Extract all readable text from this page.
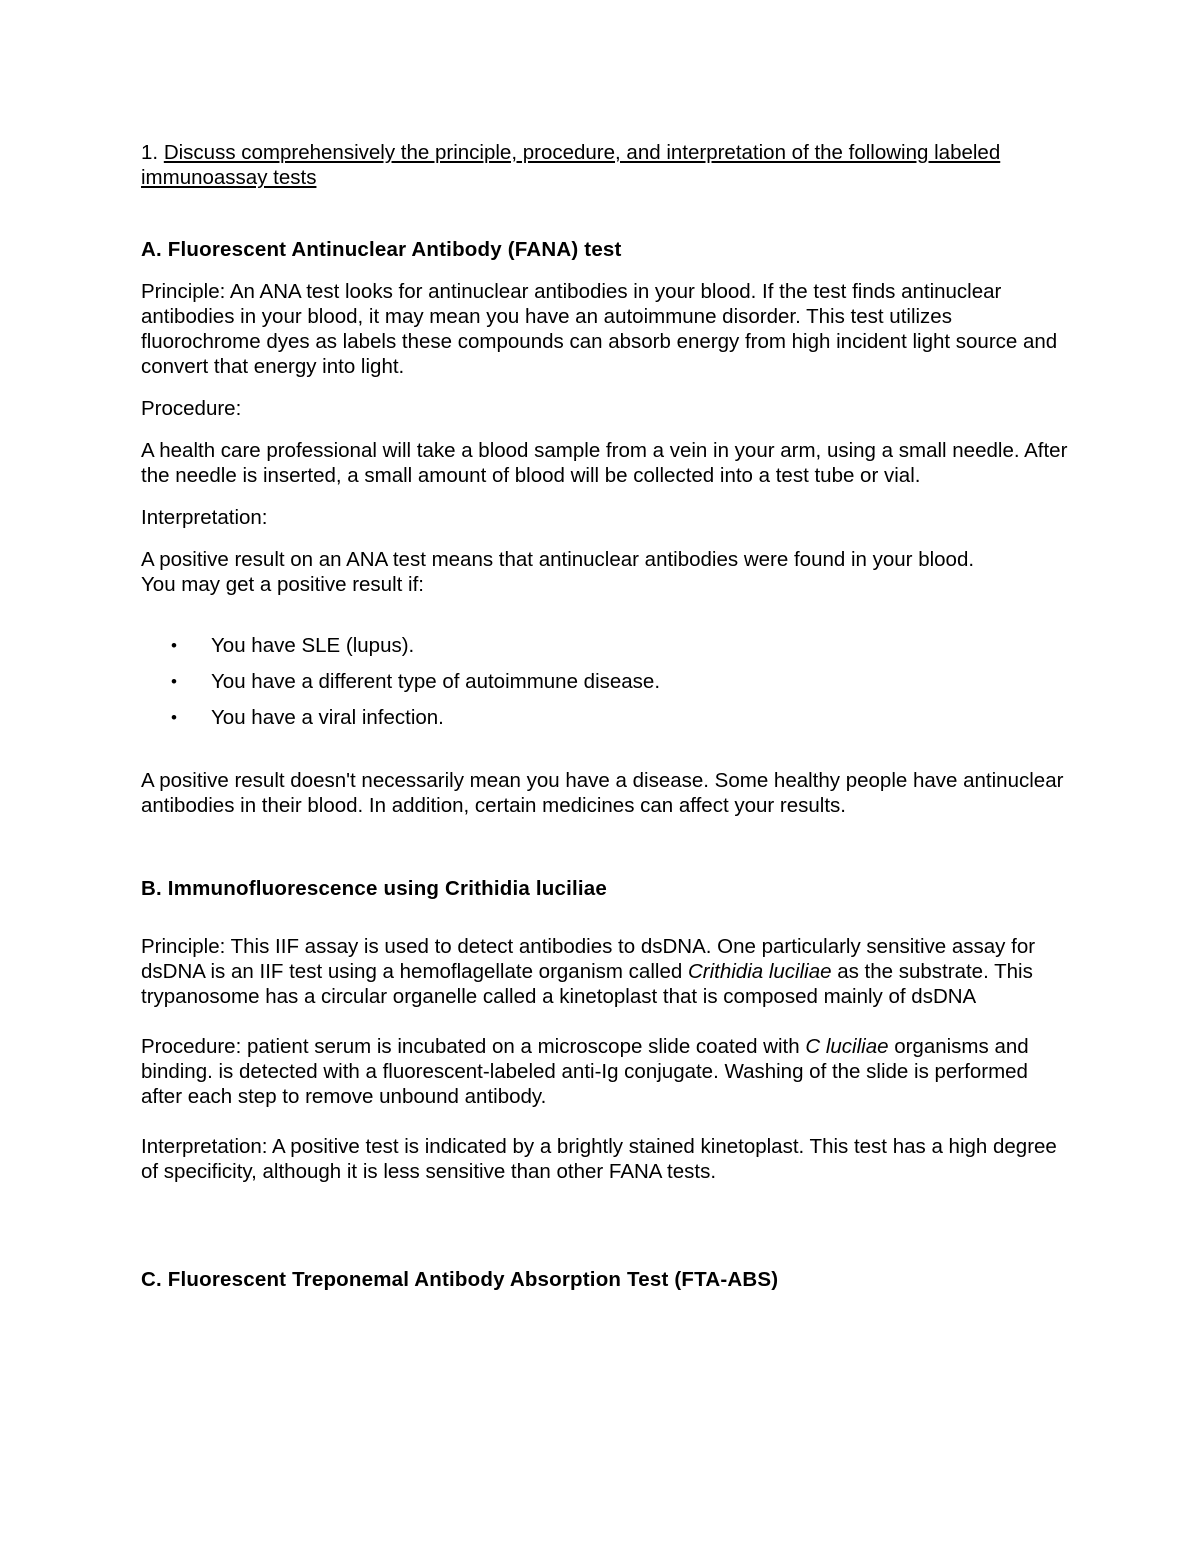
1. Discuss comprehensively the principle, procedure, and interpretation of the following labeled immunoassay tests

A. Fluorescent Antinuclear Antibody (FANA) test

Principle: An ANA test looks for antinuclear antibodies in your blood. If the test finds antinuclear antibodies in your blood, it may mean you have an autoimmune disorder. This test utilizes fluorochrome dyes as labels these compounds can absorb energy from high incident light source and convert that energy into light.

Procedure:

A health care professional will take a blood sample from a vein in your arm, using a small needle. After the needle is inserted, a small amount of blood will be collected into a test tube or vial.

Interpretation:

A positive result on an ANA test means that antinuclear antibodies were found in your blood.
You may get a positive result if:

• You have SLE (lupus).
• You have a different type of autoimmune disease.
• You have a viral infection.

A positive result doesn't necessarily mean you have a disease. Some healthy people have antinuclear antibodies in their blood. In addition, certain medicines can affect your results.

B. Immunofluorescence using Crithidia luciliae

Principle: This IIF assay is used to detect antibodies to dsDNA. One particularly sensitive assay for dsDNA is an IIF test using a hemoflagellate organism called Crithidia luciliae as the substrate. This trypanosome has a circular organelle called a kinetoplast that is composed mainly of dsDNA

Procedure: patient serum is incubated on a microscope slide coated with C luciliae organisms and binding. is detected with a fluorescent-labeled anti-Ig conjugate. Washing of the slide is performed after each step to remove unbound antibody.

Interpretation: A positive test is indicated by a brightly stained kinetoplast. This test has a high degree of specificity, although it is less sensitive than other FANA tests.

C. Fluorescent Treponemal Antibody Absorption Test (FTA-ABS)
